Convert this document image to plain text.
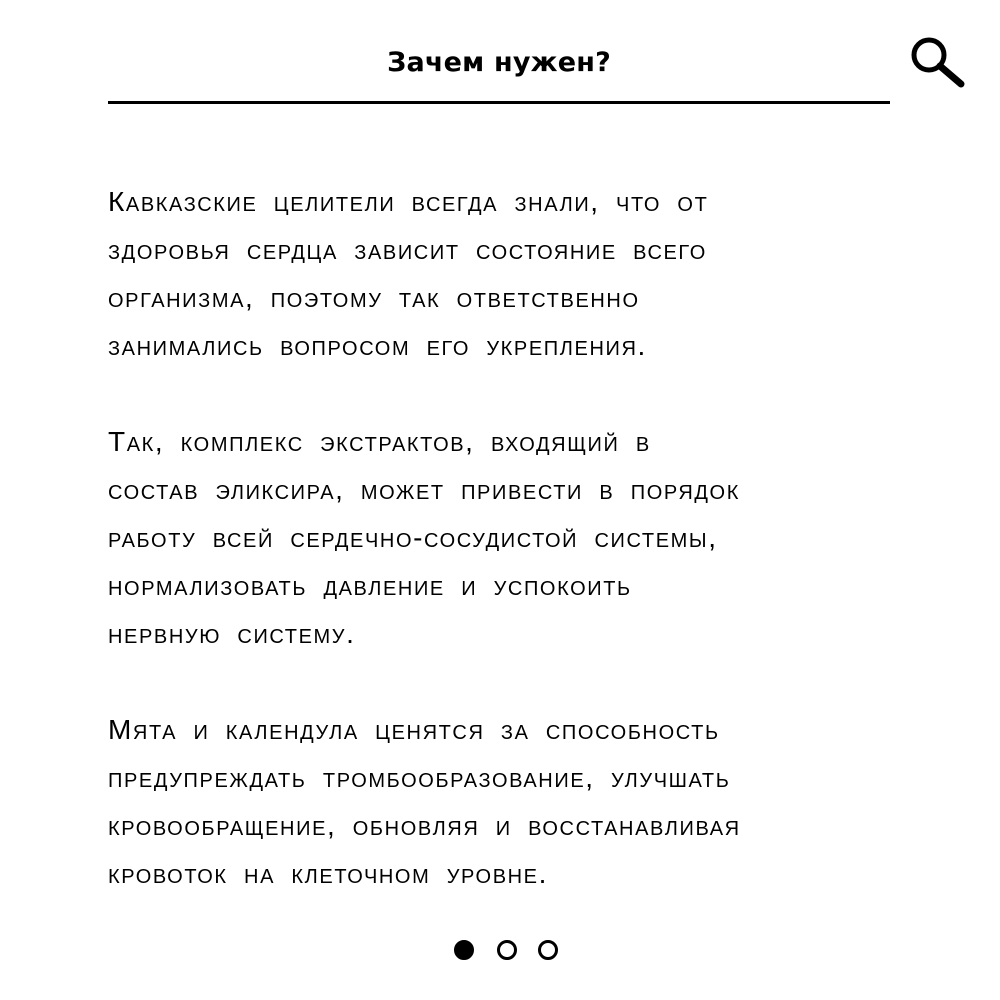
Зачем нужен?

Кавказские целители всегда знали, что от
здоровья сердца зависит состояние всего
организма, поэтому так ответственно
занимались вопросом его укрепления.

Так, комплекс экстрактов, входящий в
состав эликсира, может привести в порядок
работу всей сердечно-сосудистой системы,
нормализовать давление и успокоить
нервную систему.

Мята и календула ценятся за способность
предупреждать тромбообразование, улучшать
кровообращение, обновляя и восстанавливая
кровоток на клеточном уровне.
